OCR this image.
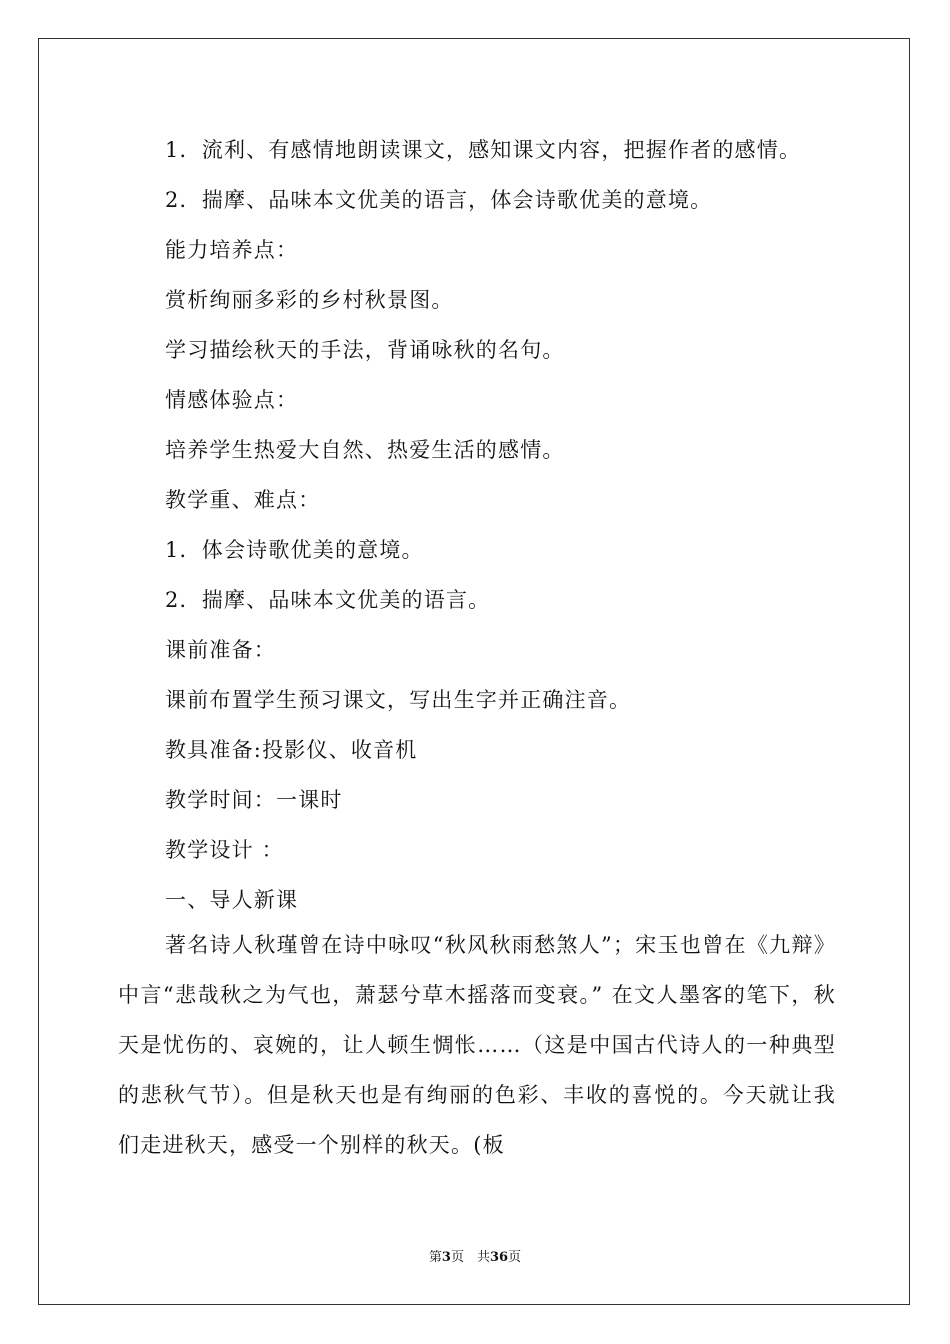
1．流利、有感情地朗读课文，感知课文内容，把握作者的感情。
2．揣摩、品味本文优美的语言，体会诗歌优美的意境。
能力培养点：
赏析绚丽多彩的乡村秋景图。
学习描绘秋天的手法，背诵咏秋的名句。
情感体验点：
培养学生热爱大自然、热爱生活的感情。
教学重、难点：
1．体会诗歌优美的意境。
2．揣摩、品味本文优美的语言。
课前准备：
课前布置学生预习课文，写出生字并正确注音。
教具准备:投影仪、收音机
教学时间：一课时
教学设计 ：
一、导人新课
著名诗人秋瑾曾在诗中咏叹“秋风秋雨愁煞人”；宋玉也曾在《九辩》中言“悲哉秋之为气也，萧瑟兮草木摇落而变衰。” 在文人墨客的笔下，秋天是忧伤的、哀婉的，让人顿生惆怅……（这是中国古代诗人的一种典型的悲秋气节）。但是秋天也是有绚丽的色彩、丰收的喜悦的。今天就让我们走进秋天，感受一个别样的秋天。(板
第3页　共36页
